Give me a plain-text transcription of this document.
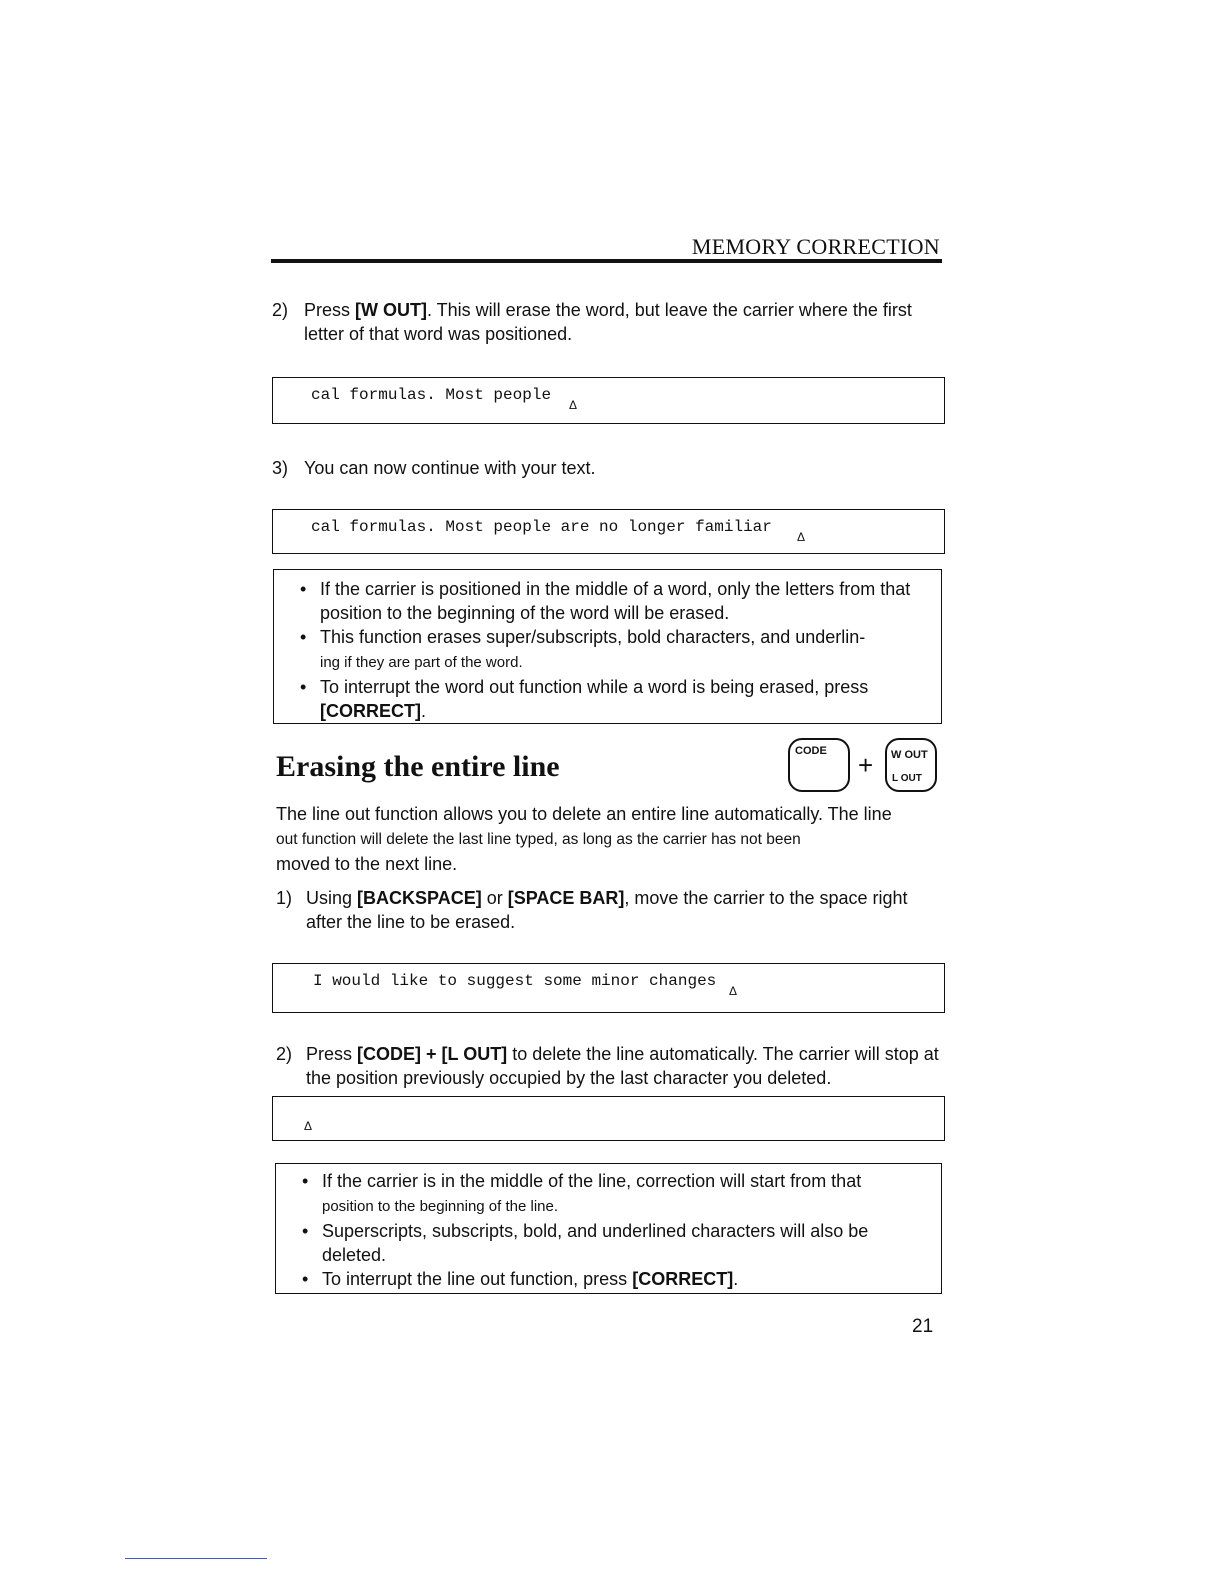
MEMORY CORRECTION
2) Press [W OUT]. This will erase the word, but leave the carrier where the first letter of that word was positioned.
cal formulas. Most people
Δ
3) You can now continue with your text.
cal formulas. Most people are no longer familiar
Δ
• If the carrier is positioned in the middle of a word, only the letters from that position to the beginning of the word will be erased.
• This function erases super/subscripts, bold characters, and underlin-
ing if they are part of the word.
• To interrupt the word out function while a word is being erased, press
[CORRECT].
Erasing the entire line	CODE + W OUT
L OUT
The line out function allows you to delete an entire line automatically. The line
out function will delete the last line typed, as long as the carrier has not been
moved to the next line.
1) Using [BACKSPACE] or [SPACE BAR], move the carrier to the space right after the line to be erased.
I would like to suggest some minor changes
Δ
2) Press [CODE] + [L OUT] to delete the line automatically. The carrier will stop at the position previously occupied by the last character you deleted.
Δ
• If the carrier is in the middle of the line, correction will start from that
position to the beginning of the line.
• Superscripts, subscripts, bold, and underlined characters will also be deleted.
• To interrupt the line out function, press [CORRECT].
21
